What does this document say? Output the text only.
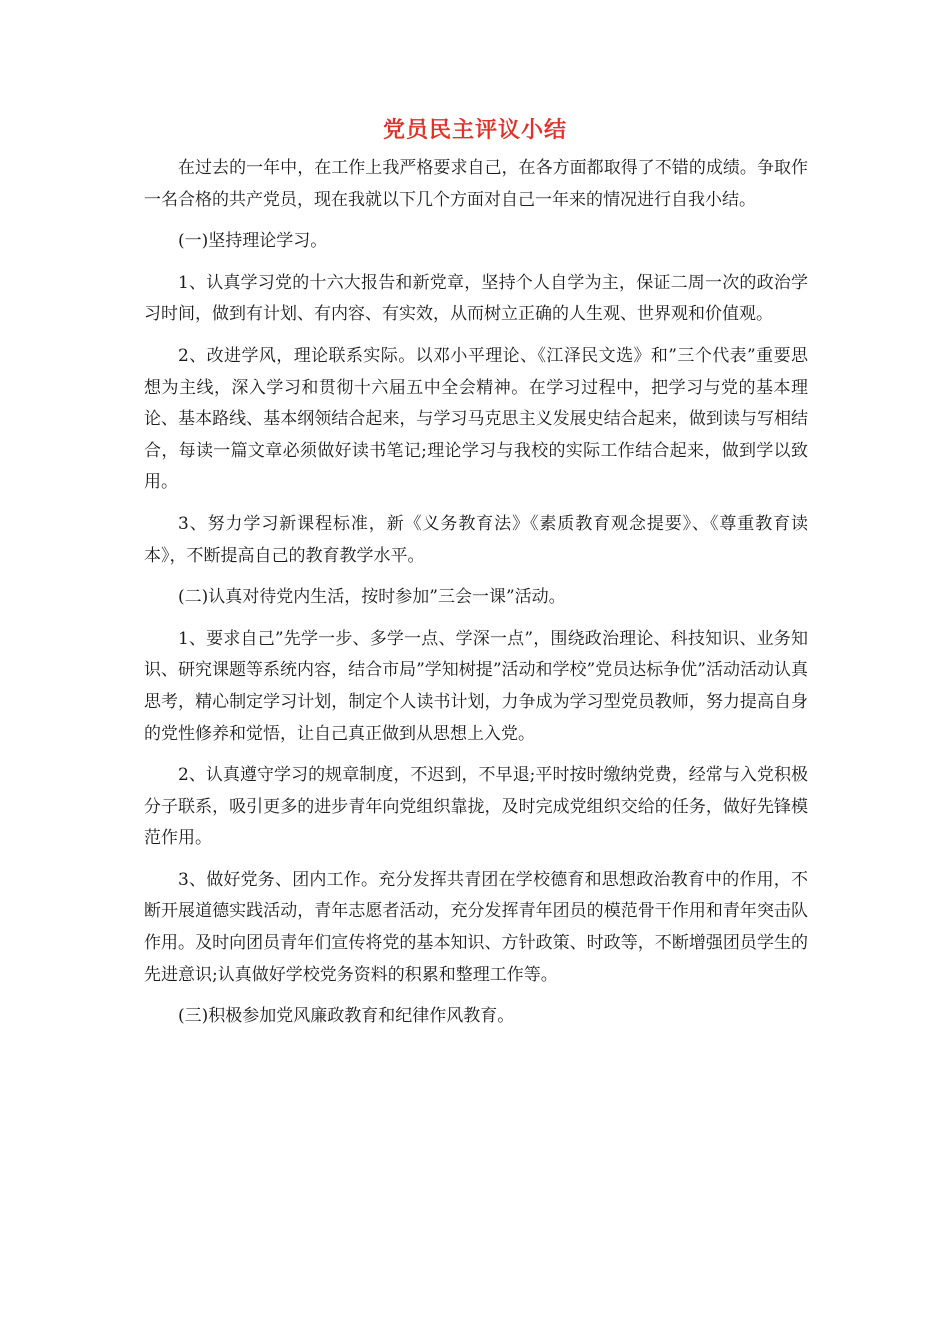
党员民主评议小结

在过去的一年中，在工作上我严格要求自己，在各方面都取得了不错的成绩。争取作一名合格的共产党员，现在我就以下几个方面对自己一年来的情况进行自我小结。

(一)坚持理论学习。

1、认真学习党的十六大报告和新党章，坚持个人自学为主，保证二周一次的政治学习时间，做到有计划、有内容、有实效，从而树立正确的人生观、世界观和价值观。

2、改进学风，理论联系实际。以邓小平理论、《江泽民文选》和”三个代表”重要思想为主线，深入学习和贯彻十六届五中全会精神。在学习过程中，把学习与党的基本理论、基本路线、基本纲领结合起来，与学习马克思主义发展史结合起来，做到读与写相结合，每读一篇文章必须做好读书笔记;理论学习与我校的实际工作结合起来，做到学以致用。

3、努力学习新课程标准，新《义务教育法》《素质教育观念提要》、《尊重教育读本》，不断提高自己的教育教学水平。

(二)认真对待党内生活，按时参加”三会一课”活动。

1、要求自己”先学一步、多学一点、学深一点”，围绕政治理论、科技知识、业务知识、研究课题等系统内容，结合市局”学知树提”活动和学校”党员达标争优”活动活动认真思考，精心制定学习计划，制定个人读书计划，力争成为学习型党员教师，努力提高自身的党性修养和觉悟，让自己真正做到从思想上入党。

2、认真遵守学习的规章制度，不迟到，不早退;平时按时缴纳党费，经常与入党积极分子联系，吸引更多的进步青年向党组织靠拢，及时完成党组织交给的任务，做好先锋模范作用。

3、做好党务、团内工作。充分发挥共青团在学校德育和思想政治教育中的作用，不断开展道德实践活动，青年志愿者活动，充分发挥青年团员的模范骨干作用和青年突击队作用。及时向团员青年们宣传将党的基本知识、方针政策、时政等，不断增强团员学生的先进意识;认真做好学校党务资料的积累和整理工作等。

(三)积极参加党风廉政教育和纪律作风教育。
